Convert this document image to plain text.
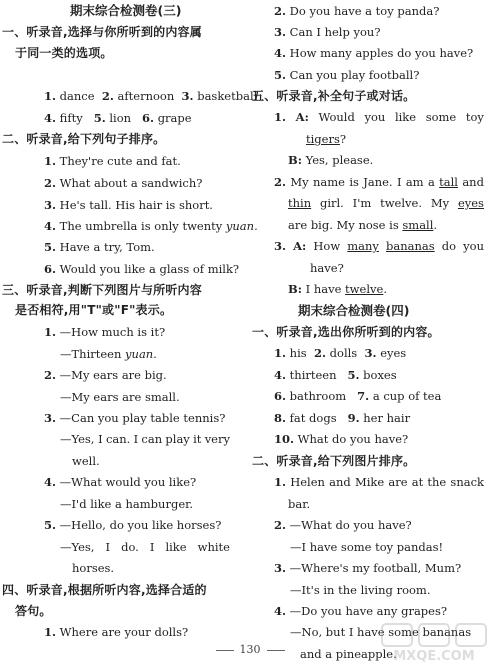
期末综合检测卷(三)
一、听录音,选择与你所听到的内容属
于同一类的选项。
1. dance 2. afternoon 3. basketball
4. fifty 5. lion 6. grape
二、听录音,给下列句子排序。
1. They're cute and fat.
2. What about a sandwich?
3. He's tall. His hair is short.
4. The umbrella is only twenty yuan.
5. Have a try, Tom.
6. Would you like a glass of milk?
三、听录音,判断下列图片与所听内容
是否相符,用"T"或"F"表示。
1. —How much is it?
—Thirteen yuan.
2. —My ears are big.
—My ears are small.
3. —Can you play table tennis?
—Yes, I can. I can play it very
well.
4. —What would you like?
—I'd like a hamburger.
5. —Hello, do you like horses?
—Yes, I do. I like white
horses.
四、听录音,根据所听内容,选择合适的
答句。
1. Where are your dolls?
2. Do you have a toy panda?
3. Can I help you?
4. How many apples do you have?
5. Can you play football?
五、听录音,补全句子或对话。
1. A: Would you like some toy
tigers?
B: Yes, please.
2. My name is Jane. I am a tall and
thin girl. I'm twelve. My eyes
are big. My nose is small.
3. A: How many bananas do you
have?
B: I have twelve.
期末综合检测卷(四)
一、听录音,选出你所听到的内容。
1. his 2. dolls 3. eyes
4. thirteen 5. boxes
6. bathroom 7. a cup of tea
8. fat dogs 9. her hair
10. What do you have?
二、听录音,给下列图片排序。
1. Helen and Mike are at the snack
bar.
2. —What do you have?
—I have some toy pandas!
3. —Where's my football, Mum?
—It's in the living room.
4. —Do you have any grapes?
—No, but I have some bananas
and a pineapple.
130	MXQE.COM
